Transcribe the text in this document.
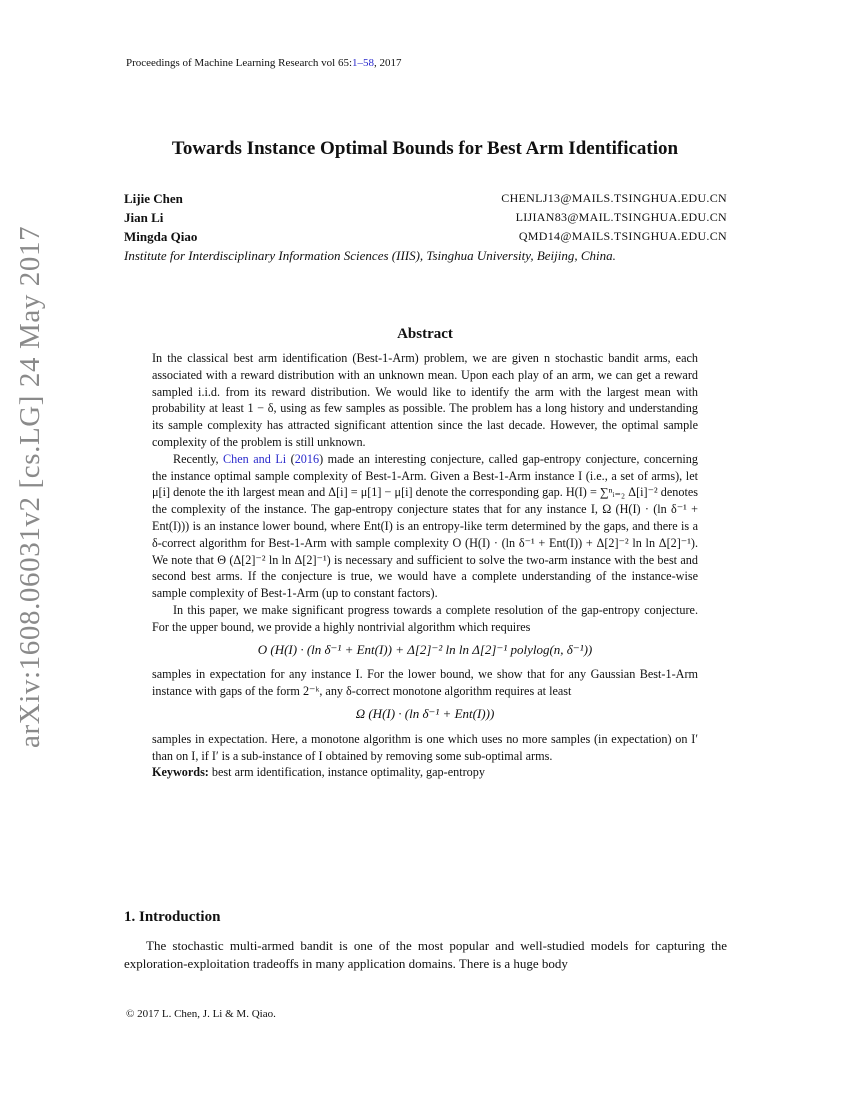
Proceedings of Machine Learning Research vol 65:1–58, 2017
arXiv:1608.06031v2 [cs.LG] 24 May 2017
Towards Instance Optimal Bounds for Best Arm Identification
Lijie Chen	CHENLJ13@MAILS.TSINGHUA.EDU.CN
Jian Li	LIJIAN83@MAIL.TSINGHUA.EDU.CN
Mingda Qiao	QMD14@MAILS.TSINGHUA.EDU.CN
Institute for Interdisciplinary Information Sciences (IIIS), Tsinghua University, Beijing, China.
Abstract

In the classical best arm identification (Best-1-Arm) problem, we are given n stochastic bandit arms, each associated with a reward distribution with an unknown mean. Upon each play of an arm, we can get a reward sampled i.i.d. from its reward distribution. We would like to identify the arm with the largest mean with probability at least 1 − δ, using as few samples as possible. The problem has a long history and understanding its sample complexity has attracted significant attention since the last decade. However, the optimal sample complexity of the problem is still unknown.

Recently, Chen and Li (2016) made an interesting conjecture, called gap-entropy conjecture, concerning the instance optimal sample complexity of Best-1-Arm. Given a Best-1-Arm instance I (i.e., a set of arms), let μ[i] denote the ith largest mean and Δ[i] = μ[1] − μ[i] denote the corresponding gap. H(I) = ∑ⁿᵢ₌₂ Δ[i]⁻² denotes the complexity of the instance. The gap-entropy conjecture states that for any instance I, Ω (H(I) · (ln δ⁻¹ + Ent(I))) is an instance lower bound, where Ent(I) is an entropy-like term determined by the gaps, and there is a δ-correct algorithm for Best-1-Arm with sample complexity O (H(I) · (ln δ⁻¹ + Ent(I)) + Δ[2]⁻² ln ln Δ[2]⁻¹). We note that Θ (Δ[2]⁻² ln ln Δ[2]⁻¹) is necessary and sufficient to solve the two-arm instance with the best and second best arms. If the conjecture is true, we would have a complete understanding of the instance-wise sample complexity of Best-1-Arm (up to constant factors).

In this paper, we make significant progress towards a complete resolution of the gap-entropy conjecture. For the upper bound, we provide a highly nontrivial algorithm which requires

O (H(I) · (ln δ⁻¹ + Ent(I)) + Δ[2]⁻² ln ln Δ[2]⁻¹ polylog(n, δ⁻¹))

samples in expectation for any instance I. For the lower bound, we show that for any Gaussian Best-1-Arm instance with gaps of the form 2⁻ᵏ, any δ-correct monotone algorithm requires at least

Ω (H(I) · (ln δ⁻¹ + Ent(I)))

samples in expectation. Here, a monotone algorithm is one which uses no more samples (in expectation) on I′ than on I, if I′ is a sub-instance of I obtained by removing some sub-optimal arms.

Keywords: best arm identification, instance optimality, gap-entropy

1. Introduction

The stochastic multi-armed bandit is one of the most popular and well-studied models for capturing the exploration-exploitation tradeoffs in many application domains. There is a huge body

© 2017 L. Chen, J. Li & M. Qiao.
